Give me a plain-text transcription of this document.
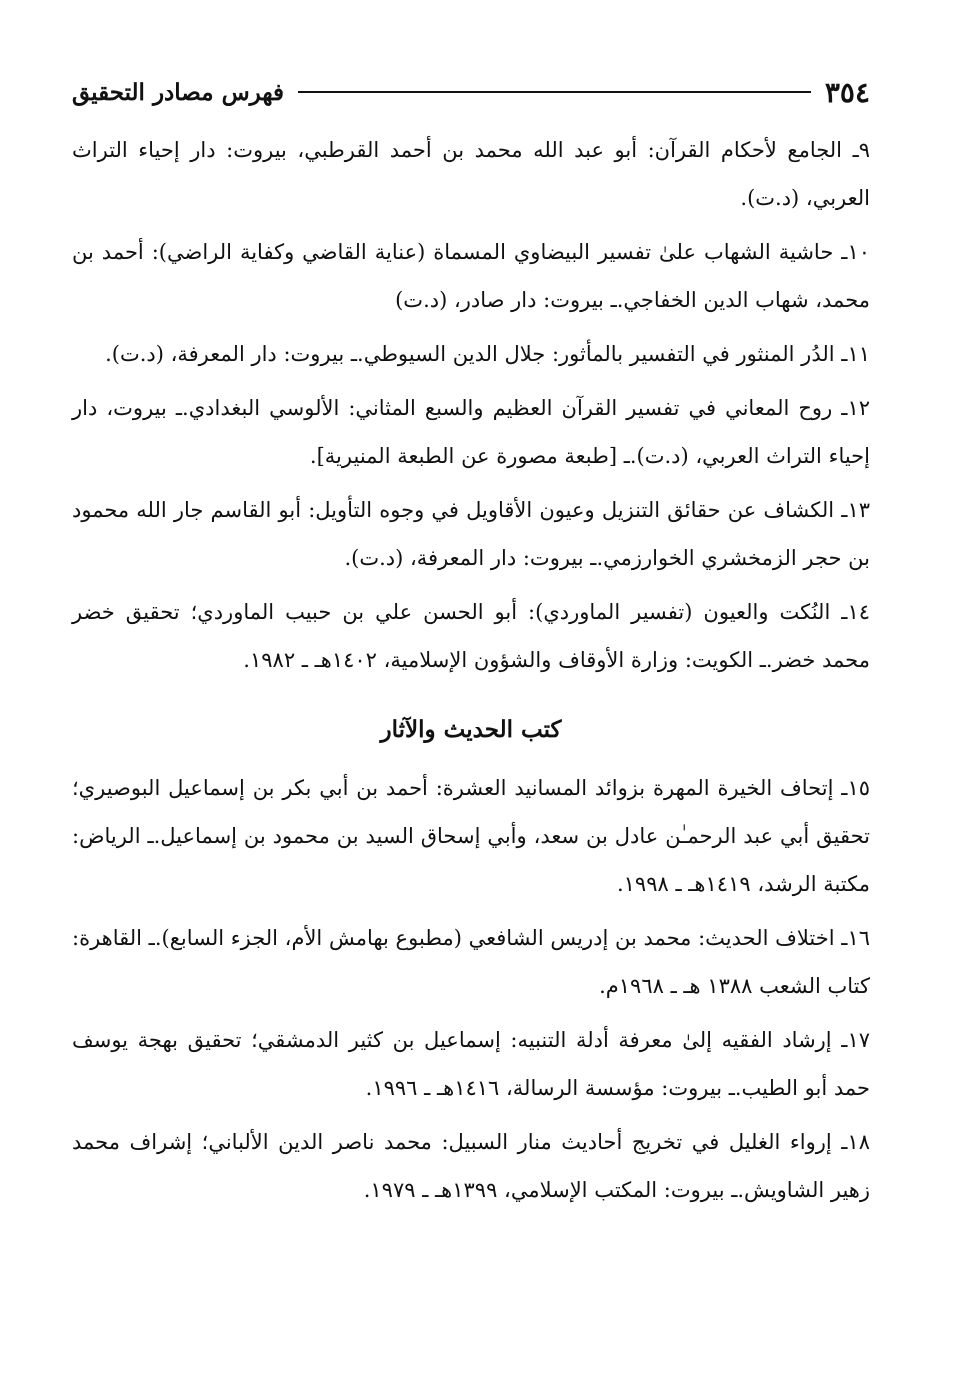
٣٥٤
فهرس مصادر التحقيق

٩ـ الجامع لأحكام القرآن: أبو عبد الله محمد بن أحمد القرطبي، بيروت: دار إحياء التراث العربي، (د.ت).

١٠ـ حاشية الشهاب علىٰ تفسير البيضاوي المسماة (عناية القاضي وكفاية الراضي): أحمد بن محمد، شهاب الدين الخفاجي.ـ بيروت: دار صادر، (د.ت)

١١ـ الدُر المنثور في التفسير بالمأثور: جلال الدين السيوطي.ـ بيروت: دار المعرفة، (د.ت).

١٢ـ روح المعاني في تفسير القرآن العظيم والسبع المثاني: الألوسي البغدادي.ـ بيروت، دار إحياء التراث العربي، (د.ت).ـ [طبعة مصورة عن الطبعة المنيرية].

١٣ـ الكشاف عن حقائق التنزيل وعيون الأقاويل في وجوه التأويل: أبو القاسم جار الله محمود بن حجر الزمخشري الخوارزمي.ـ بيروت: دار المعرفة، (د.ت).

١٤ـ النُكت والعيون (تفسير الماوردي): أبو الحسن علي بن حبيب الماوردي؛ تحقيق خضر محمد خضر.ـ الكويت: وزارة الأوقاف والشؤون الإسلامية، ١٤٠٢هـ ـ ١٩٨٢.

كتب الحديث والآثار

١٥ـ إتحاف الخيرة المهرة بزوائد المسانيد العشرة: أحمد بن أبي بكر بن إسماعيل البوصيري؛ تحقيق أبي عبد الرحمـٰن عادل بن سعد، وأبي إسحاق السيد بن محمود بن إسماعيل.ـ الرياض: مكتبة الرشد، ١٤١٩هـ ـ ١٩٩٨.

١٦ـ اختلاف الحديث: محمد بن إدريس الشافعي (مطبوع بهامش الأم، الجزء السابع).ـ القاهرة: كتاب الشعب ١٣٨٨ هـ ـ ١٩٦٨م.

١٧ـ إرشاد الفقيه إلىٰ معرفة أدلة التنبيه: إسماعيل بن كثير الدمشقي؛ تحقيق بهجة يوسف حمد أبو الطيب.ـ بيروت: مؤسسة الرسالة، ١٤١٦هـ ـ ١٩٩٦.

١٨ـ إرواء الغليل في تخريج أحاديث منار السبيل: محمد ناصر الدين الألباني؛ إشراف محمد زهير الشاويش.ـ بيروت: المكتب الإسلامي، ١٣٩٩هـ ـ ١٩٧٩.
